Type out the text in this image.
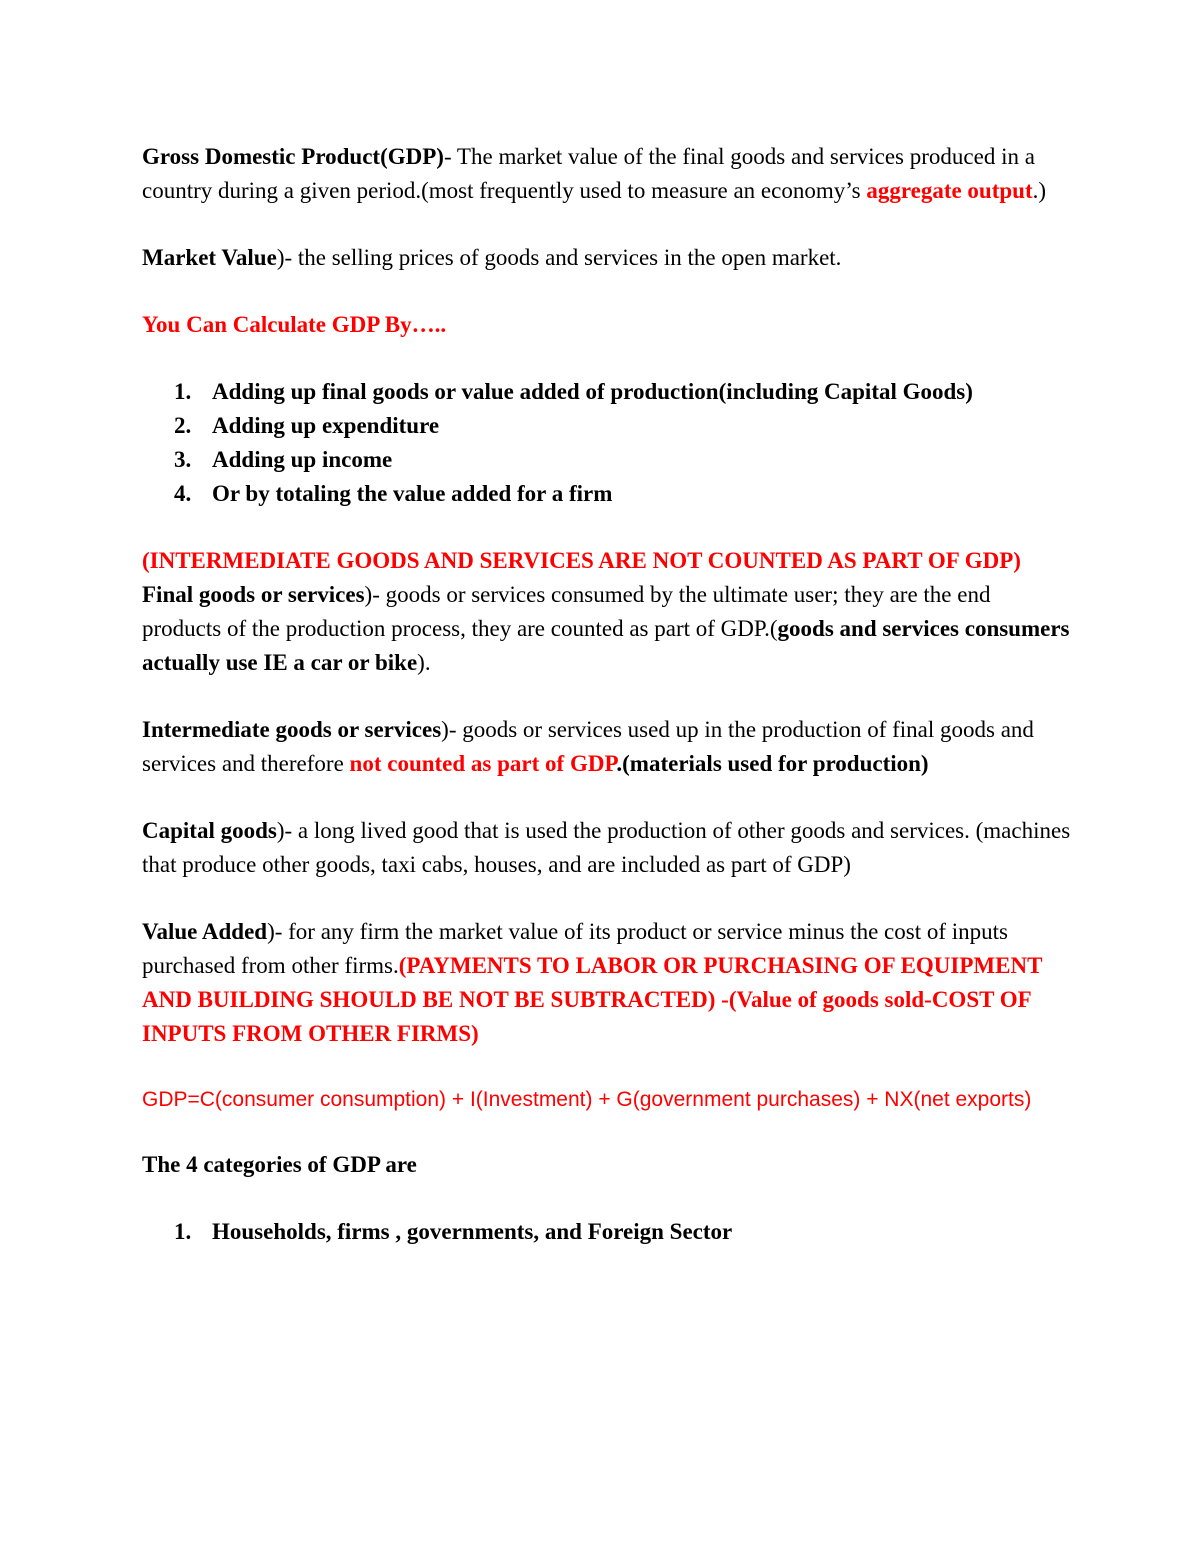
Gross Domestic Product(GDP)- The market value of the final goods and services produced in a country during a given period.(most frequently used to measure an economy’s aggregate output.)

Market Value)- the selling prices of goods and services in the open market.

You Can Calculate GDP By…..

1. Adding up final goods or value added of production(including Capital Goods)
2. Adding up expenditure
3. Adding up income
4. Or by totaling the value added for a firm

(INTERMEDIATE GOODS AND SERVICES ARE NOT COUNTED AS PART OF GDP)

Final goods or services)- goods or services consumed by the ultimate user; they are the end products of the production process, they are counted as part of GDP.(goods and services consumers actually use IE a car or bike).

Intermediate goods or services)- goods or services used up in the production of final goods and services and therefore not counted as part of GDP.(materials used for production)

Capital goods)- a long lived good that is used the production of other goods and services. (machines that produce other goods, taxi cabs, houses, and are included as part of GDP)

Value Added)- for any firm the market value of its product or service minus the cost of inputs purchased from other firms.(PAYMENTS TO LABOR OR PURCHASING OF EQUIPMENT AND BUILDING SHOULD BE NOT BE SUBTRACTED) -(Value of goods sold-COST OF INPUTS FROM OTHER FIRMS)

GDP=C(consumer consumption) + I(Investment) + G(government purchases) + NX(net exports)

The 4 categories of GDP are

1. Households, firms , governments, and Foreign Sector
